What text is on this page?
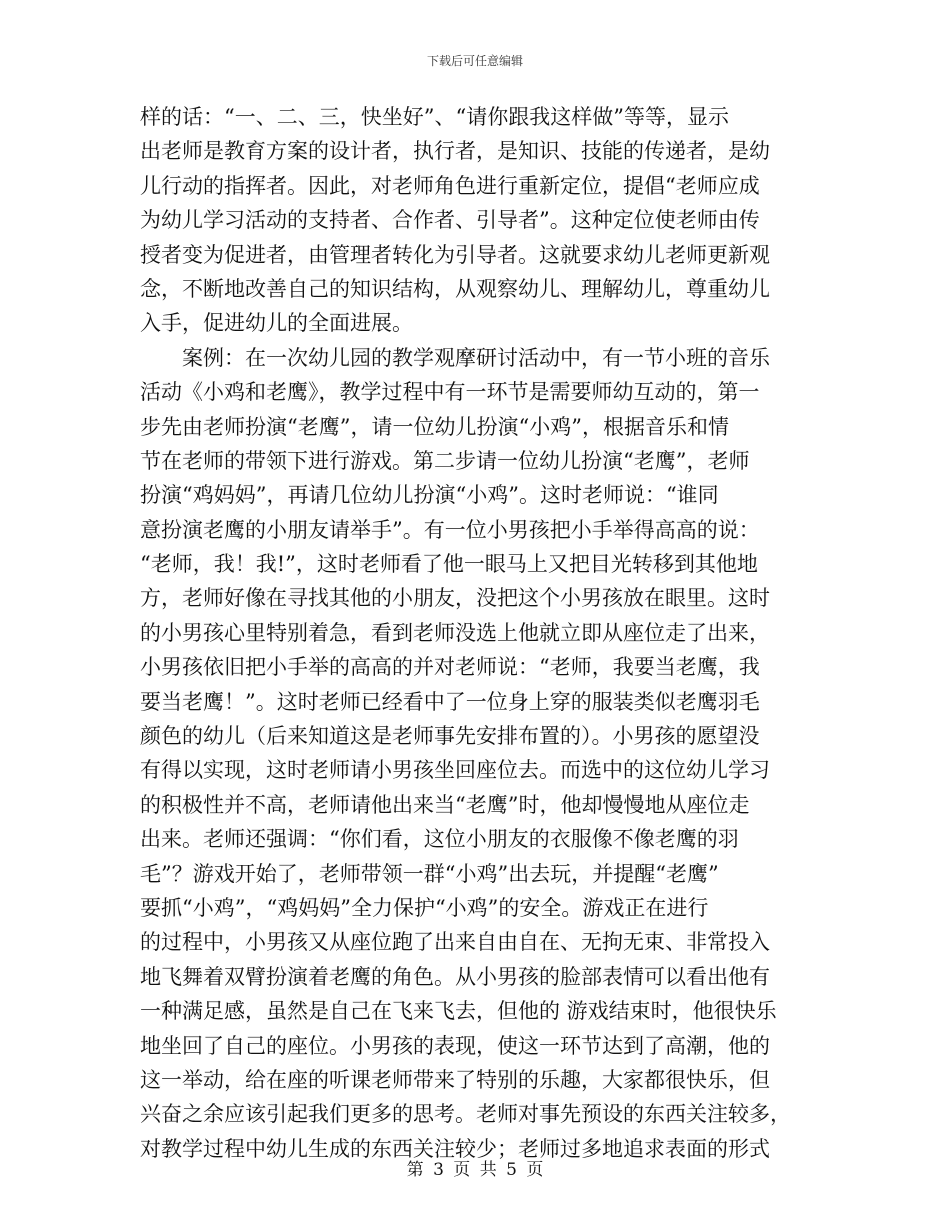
下载后可任意编辑
样的话：“一、二、三，快坐好”、“请你跟我这样做”等等，显示
出老师是教育方案的设计者，执行者，是知识、技能的传递者，是幼
儿行动的指挥者。因此，对老师角色进行重新定位，提倡“老师应成
为幼儿学习活动的支持者、合作者、引导者”。这种定位使老师由传
授者变为促进者，由管理者转化为引导者。这就要求幼儿老师更新观
念，不断地改善自己的知识结构，从观察幼儿、理解幼儿，尊重幼儿
入手，促进幼儿的全面进展。
　　案例：在一次幼儿园的教学观摩研讨活动中，有一节小班的音乐
活动《小鸡和老鹰》，教学过程中有一环节是需要师幼互动的，第一
步先由老师扮演“老鹰”，请一位幼儿扮演“小鸡”，根据音乐和情
节在老师的带领下进行游戏。第二步请一位幼儿扮演“老鹰”，老师
扮演“鸡妈妈”，再请几位幼儿扮演“小鸡”。这时老师说：“谁同
意扮演老鹰的小朋友请举手”。有一位小男孩把小手举得高高的说：
“老师，我！我!”，这时老师看了他一眼马上又把目光转移到其他地
方，老师好像在寻找其他的小朋友，没把这个小男孩放在眼里。这时
的小男孩心里特别着急，看到老师没选上他就立即从座位走了出来，
小男孩依旧把小手举的高高的并对老师说：“老师，我要当老鹰，我
要当老鹰！”。这时老师已经看中了一位身上穿的服装类似老鹰羽毛
颜色的幼儿（后来知道这是老师事先安排布置的）。小男孩的愿望没
有得以实现，这时老师请小男孩坐回座位去。而选中的这位幼儿学习
的积极性并不高，老师请他出来当“老鹰”时，他却慢慢地从座位走
出来。老师还强调：“你们看，这位小朋友的衣服像不像老鹰的羽
毛”？游戏开始了，老师带领一群“小鸡”出去玩，并提醒“老鹰”
要抓“小鸡”，“鸡妈妈”全力保护“小鸡”的安全。游戏正在进行
的过程中，小男孩又从座位跑了出来自由自在、无拘无束、非常投入
地飞舞着双臂扮演着老鹰的角色。从小男孩的脸部表情可以看出他有
一种满足感，虽然是自己在飞来飞去，但他的 游戏结束时，他很快乐
地坐回了自己的座位。小男孩的表现，使这一环节达到了高潮，他的
这一举动，给在座的听课老师带来了特别的乐趣，大家都很快乐，但
兴奋之余应该引起我们更多的思考。老师对事先预设的东西关注较多，
对教学过程中幼儿生成的东西关注较少；老师过多地追求表面的形式
第 3 页 共 5 页
